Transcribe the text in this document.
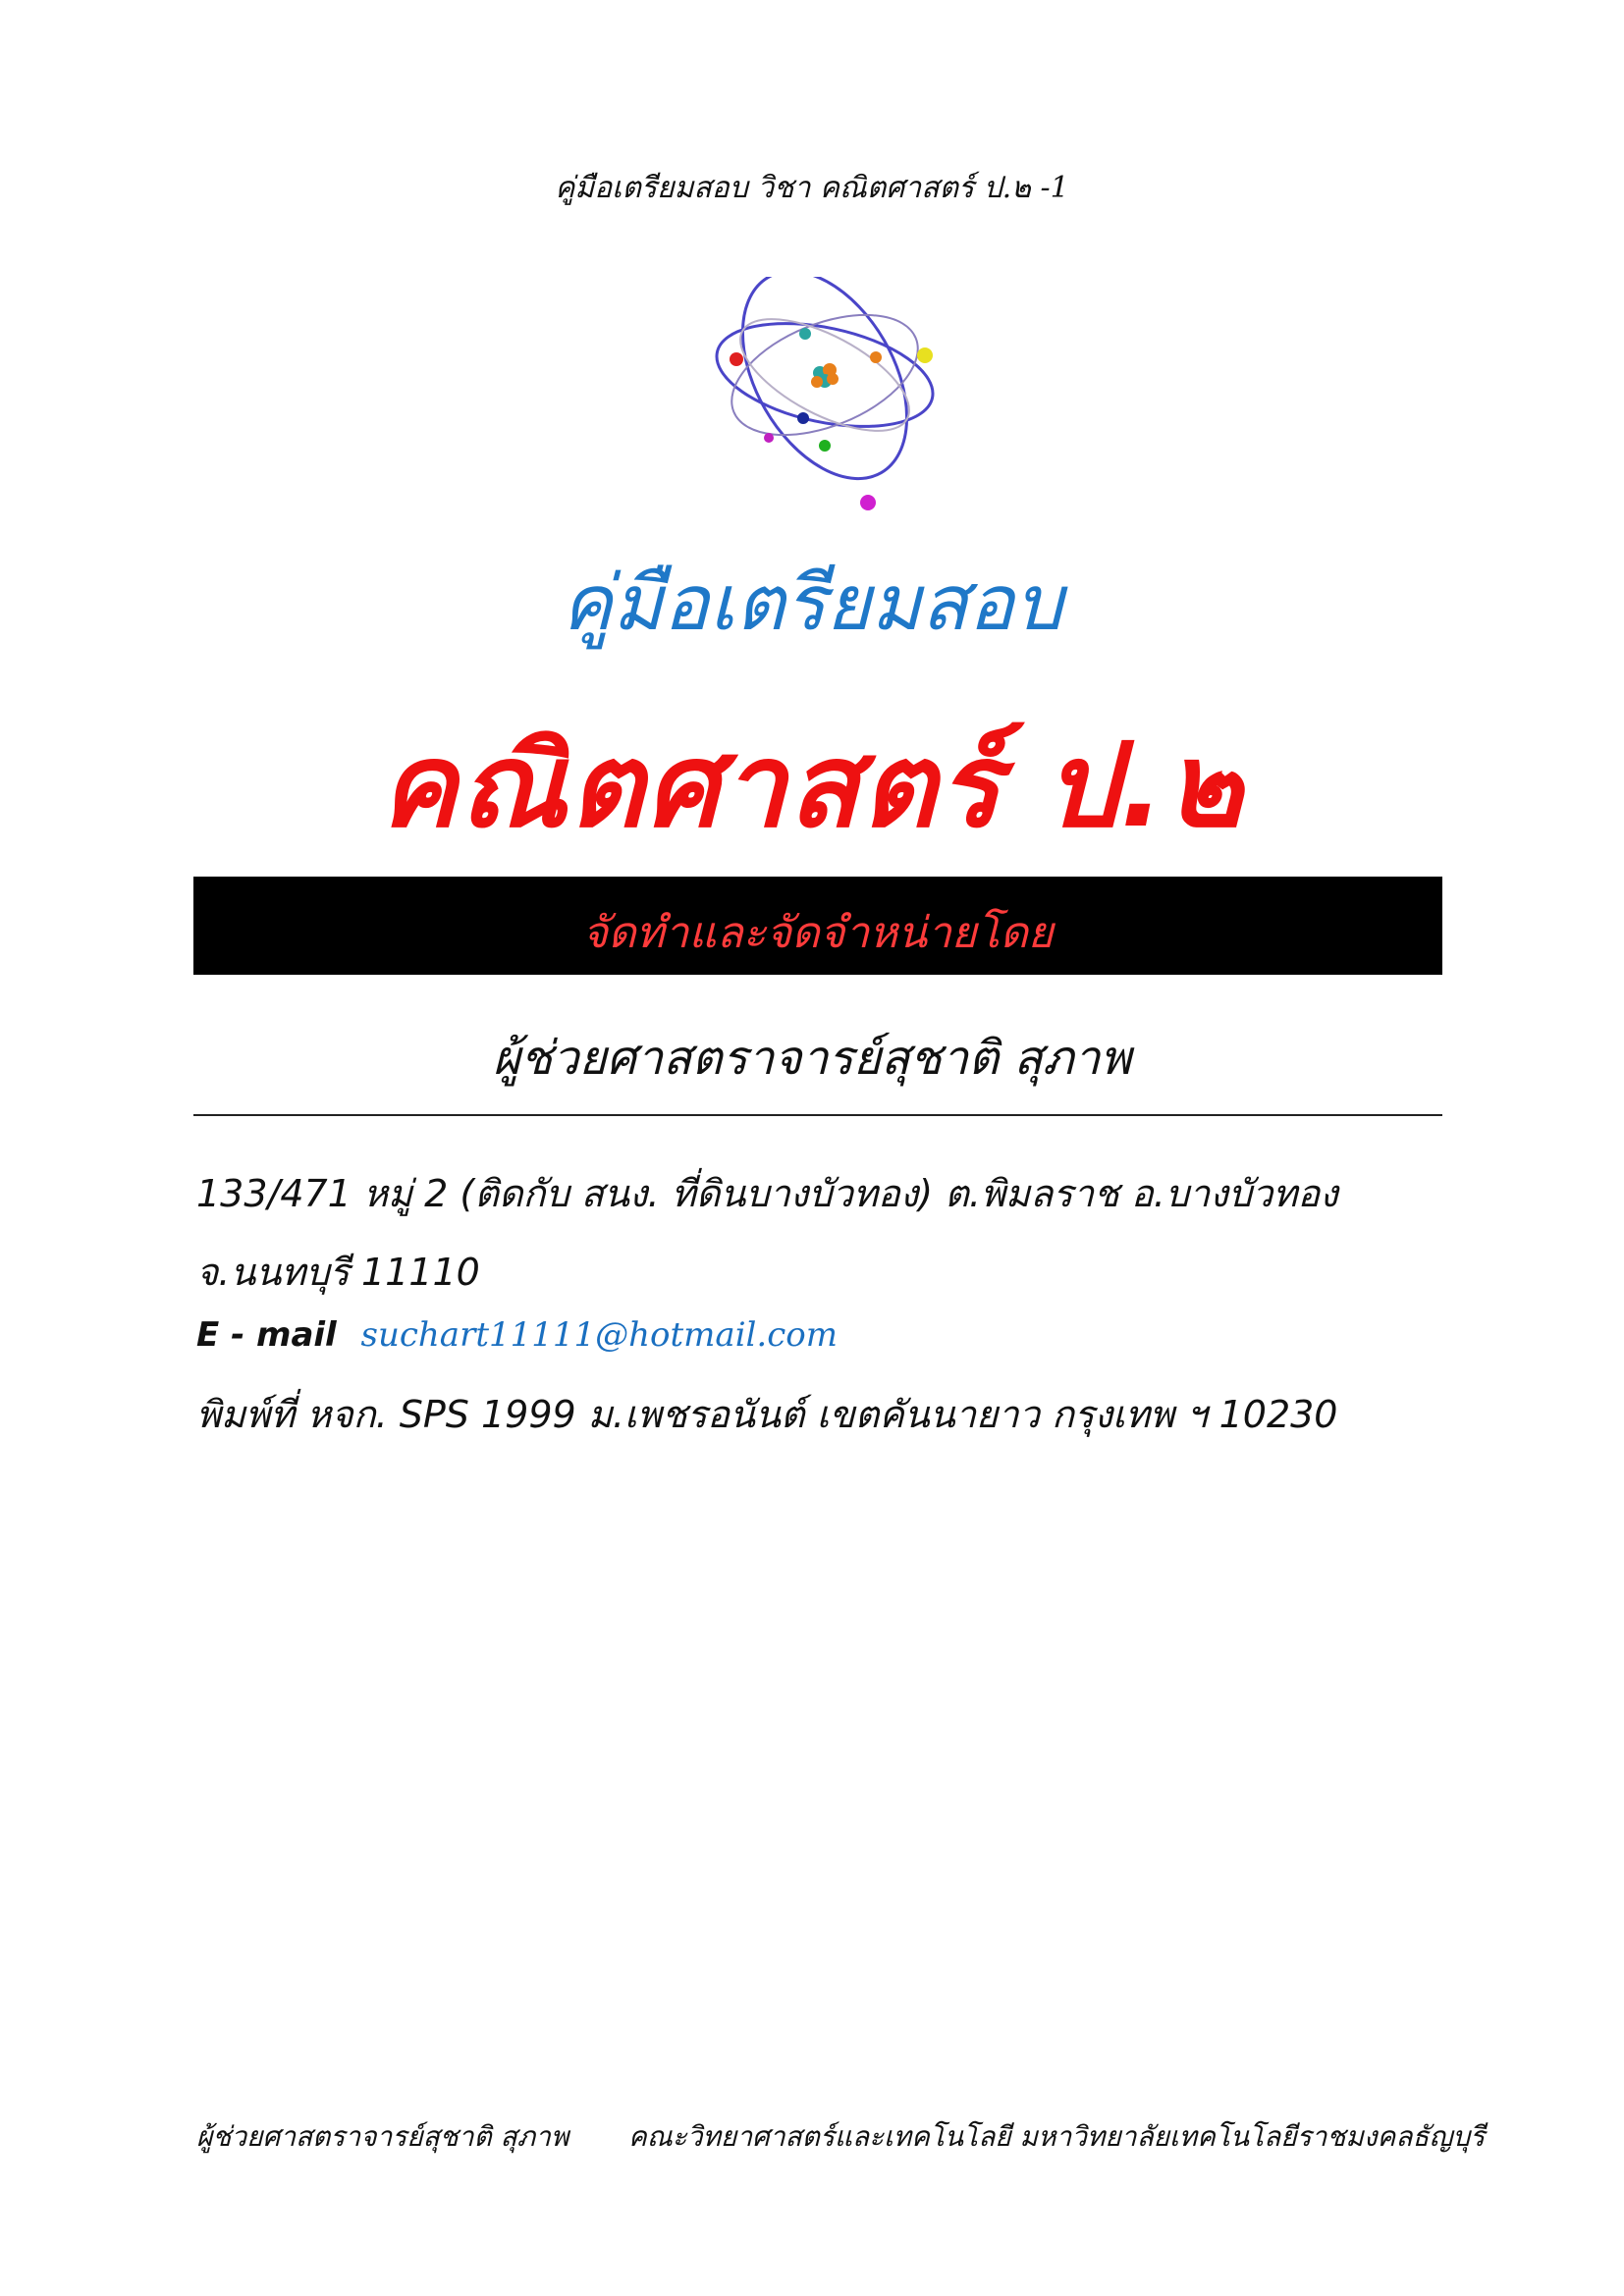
คู่มือเตรียมสอบ วิชา คณิตศาสตร์ ป.๒ -1
คู่มือเตรียมสอบ
คณิตศาสตร์ ป.๒
จัดทำและจัดจำหน่ายโดย
ผู้ช่วยศาสตราจารย์สุชาติ สุภาพ
133/471 หมู่ 2 (ติดกับ สนง. ที่ดินบางบัวทอง) ต.พิมลราช อ.บางบัวทอง
จ.นนทบุรี 11110
E - mail suchart11111@hotmail.com
พิมพ์ที่ หจก. SPS 1999 ม.เพชรอนันต์ เขตคันนายาว กรุงเทพ ฯ 10230
ผู้ช่วยศาสตราจารย์สุชาติ สุภาพ คณะวิทยาศาสตร์และเทคโนโลยี มหาวิทยาลัยเทคโนโลยีราชมงคลธัญบุรี
